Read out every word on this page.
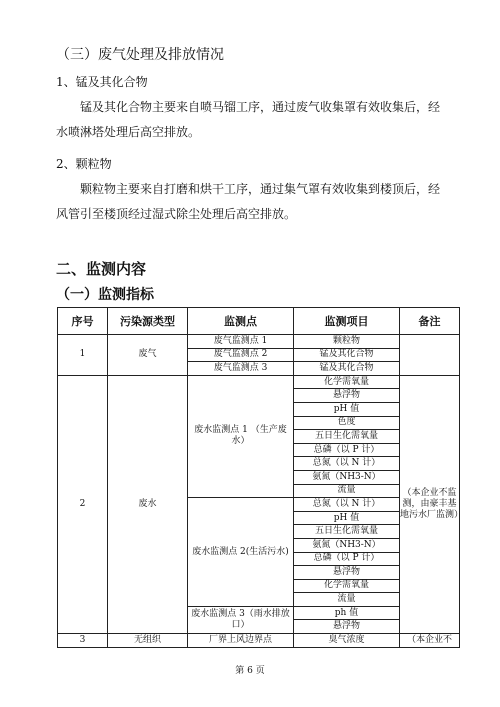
（三）废气处理及排放情况
1、锰及其化合物
锰及其化合物主要来自喷马镏工序，通过废气收集罩有效收集后，经水喷淋塔处理后高空排放。
2、颗粒物
颗粒物主要来自打磨和烘干工序，通过集气罩有效收集到楼顶后，经风管引至楼顶经过湿式除尘处理后高空排放。
二、监测内容
（一）监测指标
序号	污染源类型	监测点	监测项目	备注
1	废气	废气监测点 1	颗粒物	
		废气监测点 2	锰及其化合物	
		废气监测点 3	锰及其化合物	
2	废水	废水监测点 1 （生产废水）	化学需氧量	（本企业不监测，由豪丰基地污水厂监测）
			悬浮物	
			pH 值	
			色度	
			五日生化需氧量	
			总磷（以 P 计）	
			总氮（以 N 计）	
			氨氮（NH3-N）	
			流量	
		废水监测点 2(生活污水)	总氮（以 N 计）	
			pH 值	
			五日生化需氧量	
			氨氮（NH3-N）	
			总磷（以 P 计）	
			悬浮物	
			化学需氧量	
			流量	
		废水监测点 3（雨水排放口）	ph 值	
			悬浮物	
3	无组织	厂界上风边界点	臭气浓度	（本企业不
第 6 页
